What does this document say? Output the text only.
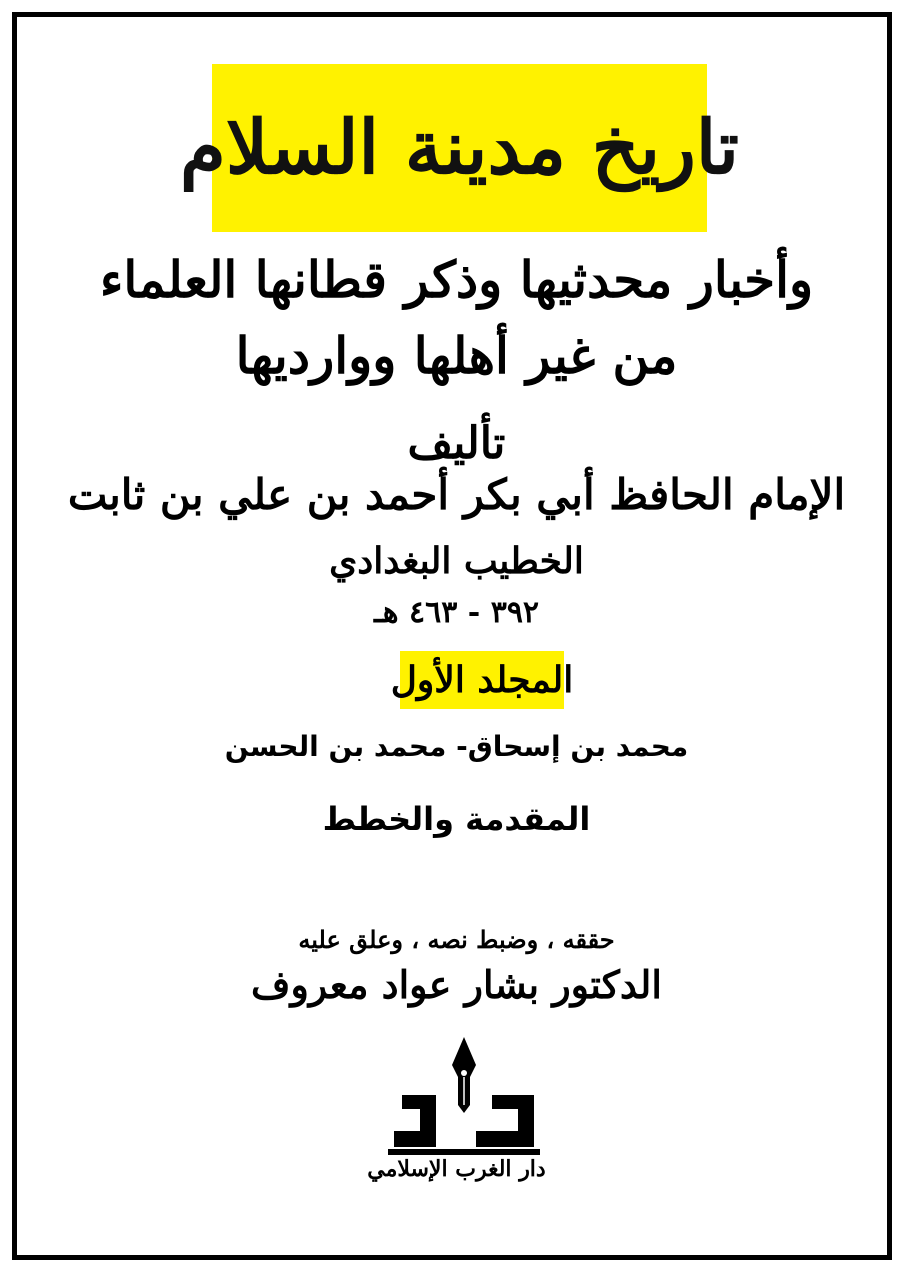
تاريخ مدينة السلام
وأخبار محدثيها وذكر قطانها العلماء
من غير أهلها ووارديها
تأليف
الإمام الحافظ أبي بكر أحمد بن علي بن ثابت
الخطيب البغدادي
٣٩٢ - ٤٦٣ هـ
المجلد الأول
محمد بن إسحاق- محمد بن الحسن
المقدمة والخطط
حققه ، وضبط نصه ، وعلق عليه
الدكتور بشار عواد معروف
دار الغرب الإسلامي
